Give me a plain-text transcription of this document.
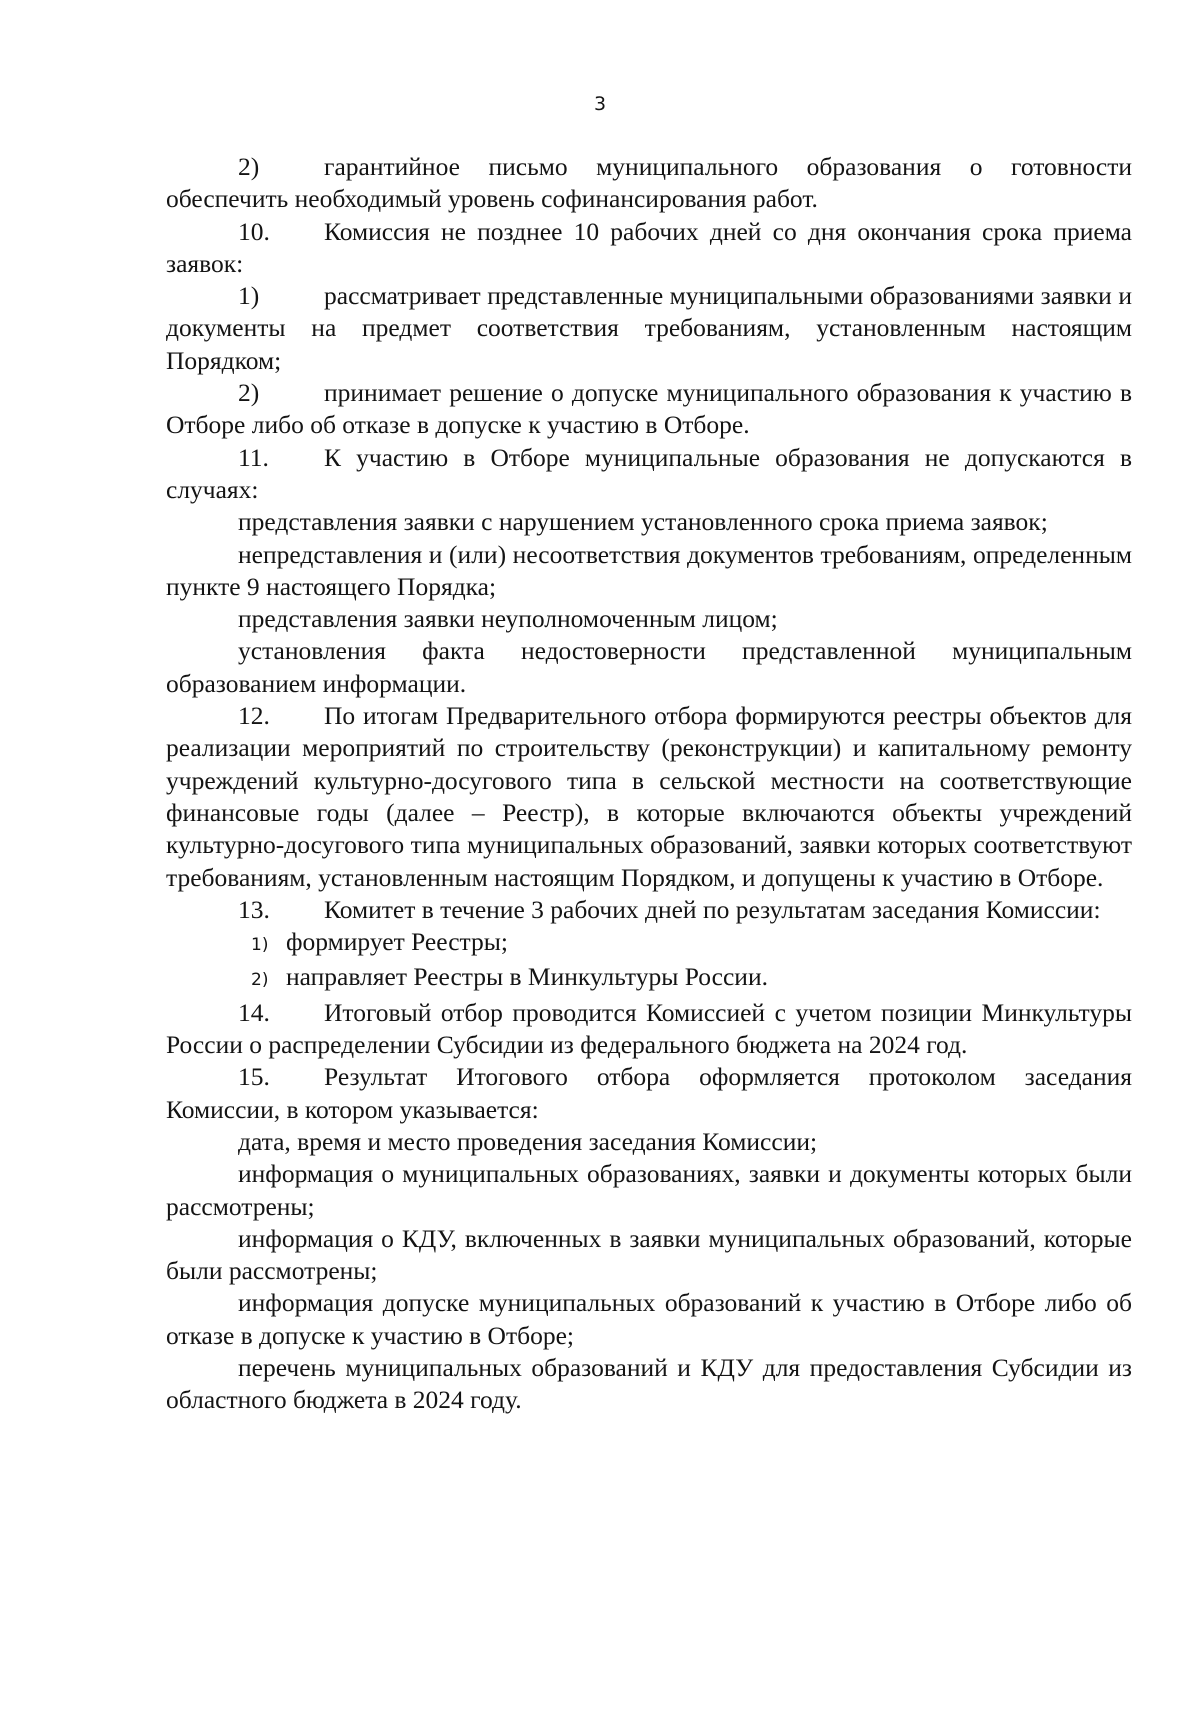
3

2)	гарантийное письмо муниципального образования о готовности обеспечить необходимый уровень софинансирования работ.

10. Комиссия не позднее 10 рабочих дней со дня окончания срока приема заявок:

1)	рассматривает представленные муниципальными образованиями заявки и документы на предмет соответствия требованиям, установленным настоящим Порядком;

2)	принимает решение о допуске муниципального образования к участию в Отборе либо об отказе в допуске к участию в Отборе.

11. К участию в Отборе муниципальные образования не допускаются в случаях:

представления заявки с нарушением установленного срока приема заявок;

непредставления и (или) несоответствия документов требованиям, определенным пункте 9 настоящего Порядка;

представления заявки неуполномоченным лицом;

установления факта недостоверности представленной муниципальным образованием информации.

12. По итогам Предварительного отбора формируются реестры объектов для реализации мероприятий по строительству (реконструкции) и капитальному ремонту учреждений культурно-досугового типа в сельской местности на соответствующие финансовые годы (далее – Реестр), в которые включаются объекты учреждений культурно-досугового типа муниципальных образований, заявки которых соответствуют требованиям, установленным настоящим Порядком, и допущены к участию в Отборе.

13. Комитет в течение 3 рабочих дней по результатам заседания Комиссии:

1) формирует Реестры;

2) направляет Реестры в Минкультуры России.

14. Итоговый отбор проводится Комиссией с учетом позиции Минкультуры России о распределении Субсидии из федерального бюджета на 2024 год.

15. Результат Итогового отбора оформляется протоколом заседания Комиссии, в котором указывается:

дата, время и место проведения заседания Комиссии;

информация о муниципальных образованиях, заявки и документы которых были рассмотрены;

информация о КДУ, включенных в заявки муниципальных образований, которые были рассмотрены;

информация допуске муниципальных образований к участию в Отборе либо об отказе в допуске к участию в Отборе;

перечень муниципальных образований и КДУ для предоставления Субсидии из областного бюджета в 2024 году.
